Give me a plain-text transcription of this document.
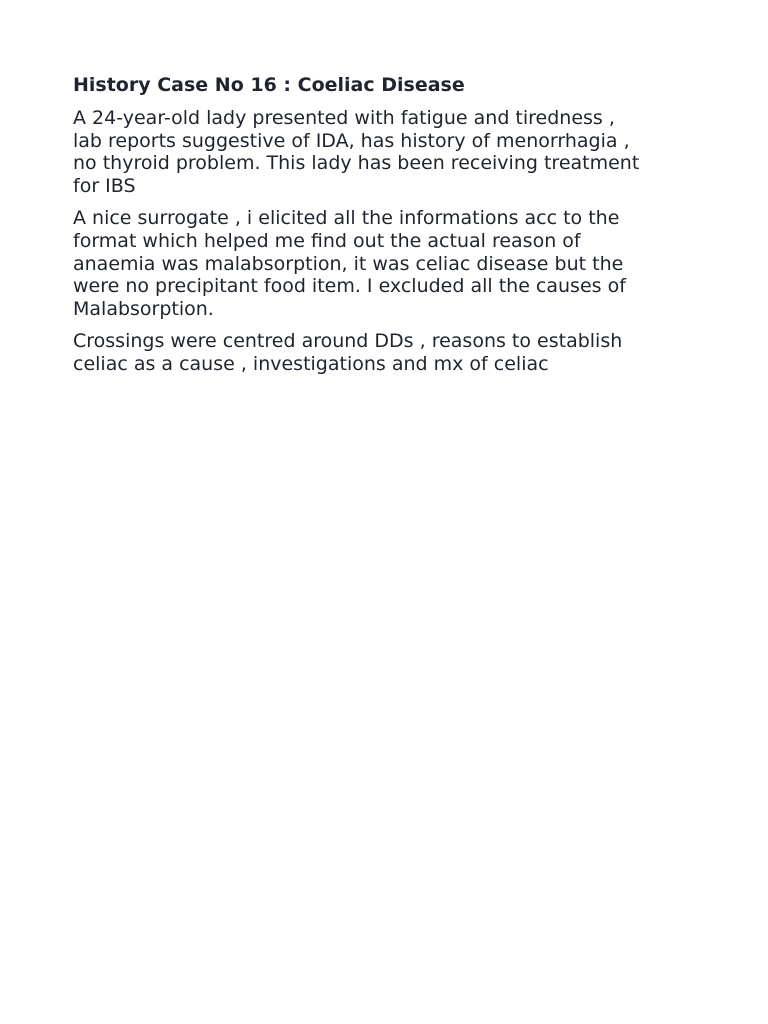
History Case No 16 : Coeliac Disease
A 24-year-old lady presented with fatigue and tiredness ,
lab reports suggestive of IDA, has history of menorrhagia ,
no thyroid problem. This lady has been receiving treatment
for IBS
A nice surrogate , i elicited all the informations acc to the
format which helped me find out the actual reason of
anaemia was malabsorption, it was celiac disease but the
were no precipitant food item. I excluded all the causes of
Malabsorption.
Crossings were centred around DDs , reasons to establish
celiac as a cause , investigations and mx of celiac
